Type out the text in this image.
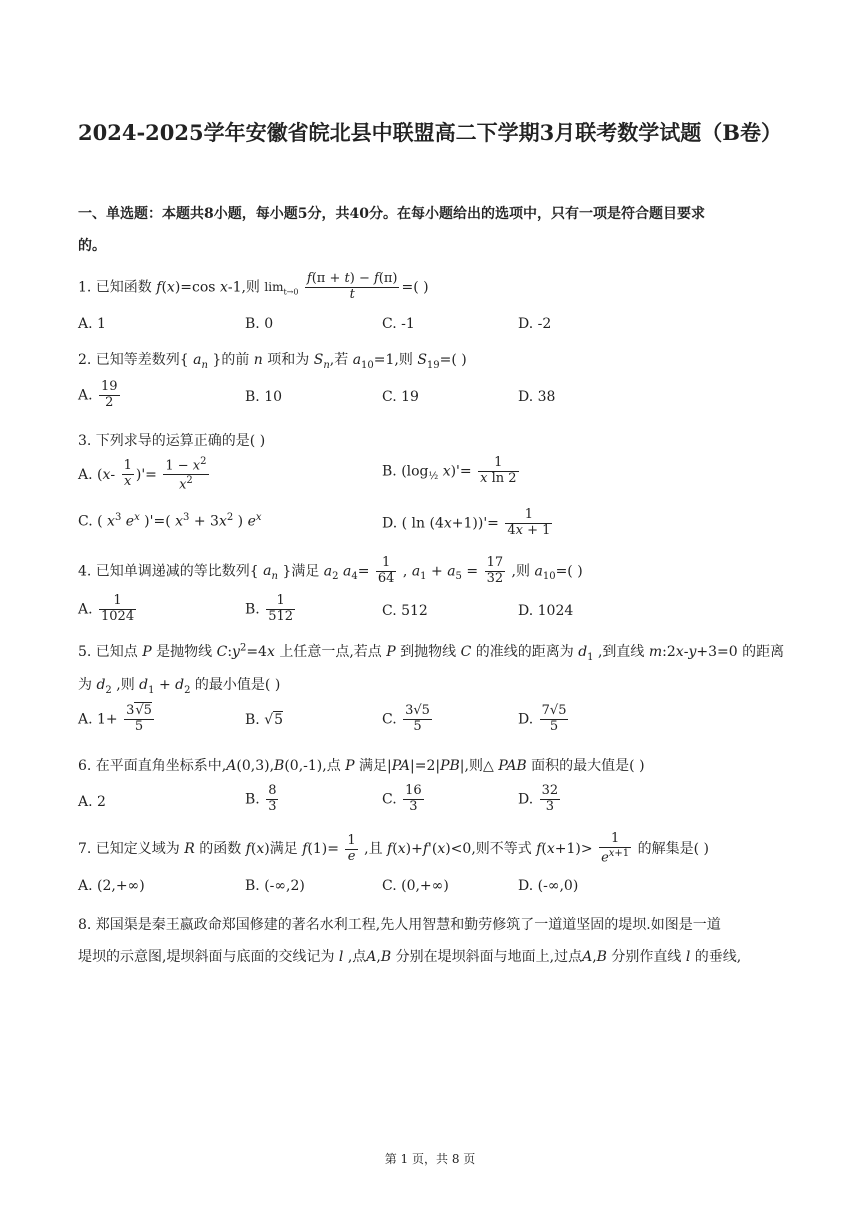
2024-2025学年安徽省皖北县中联盟高二下学期3月联考数学试题（B卷）
一、单选题：本题共8小题，每小题5分，共40分。在每小题给出的选项中，只有一项是符合题目要求
的。
1. 已知函数 f(x)=cos x-1,则 $\lim_{t\to 0} \frac{f(\pi + t) - f(\pi)}{t}$ =( )
A. 1	B. 0	C. -1	D. -2
2. 已知等差数列{ $a_n$ }的前 n 项和为 $S_n$,若 $a_{10}=1$,则 $S_{19}=$( )
A. $\frac{19}{2}$	B. 10	C. 19	D. 38
3. 下列求导的运算正确的是( )
A. ($x- \frac{1}{x}$ )'= $\frac{1 - x^2}{x^2}$	B. ($\log_{\frac{1}{2}}$ $x)'= \frac{1}{\text{x ln 2}}$
C. ( $x^3$ $e^x$ )'=( $x^3 + 3x^2$ ) $e^x$	D. ( $\ln (4x+1))'= \frac{1}{4x + 1}$
4. 已知单调递减的等比数列{ $a_n$ }满足 $a_2$ $a_4= \frac{1}{64}$ , $a_1 + a_5 = \frac{17}{32}$ ,则 $a_{10}=$( )
A. $\frac{1}{1024}$	B. $\frac{1}{512}$	C. 512	D. 1024
5. 已知点 P 是抛物线 $C:y^2=4x$ 上任意一点,若点 P 到抛物线 C 的准线的距离为 $d_1$ ,到直线 m:2x-y+3=0 的距离
为 $d_2$ ,则 $d_1 + d_2$ 的最小值是( )
A. $1+ \frac{3√5}{5}$	B. √5	C. $\frac{3√5}{5}$	D. $\frac{7√5}{5}$
6. 在平面直角坐标系中,A(0,3),B(0,-1),点 P 满足|PA|=2|PB|,则△ PAB 面积的最大值是( )
A. 2	B. $\frac{8}{3}$	C. $\frac{16}{3}$	D. $\frac{32}{3}$
7. 已知定义域为 R 的函数 f(x)满足 $f(1)= \frac{1}{e}$ ,且 f(x)+f'(x)<0,则不等式 $f(x+1)> \frac{1}{e^{x+1}}$ 的解集是( )
A. (2,+∞)	B. (-∞,2)	C. (0,+∞)	D. (-∞,0)
8. 郑国渠是秦王嬴政命郑国修建的著名水利工程,先人用智慧和勤劳修筑了一道道坚固的堤坝.如图是一道
堤坝的示意图,堤坝斜面与底面的交线记为 l ,点A,B 分别在堤坝斜面与地面上,过点A,B 分别作直线 l 的垂线,
第 1 页，共 8 页
